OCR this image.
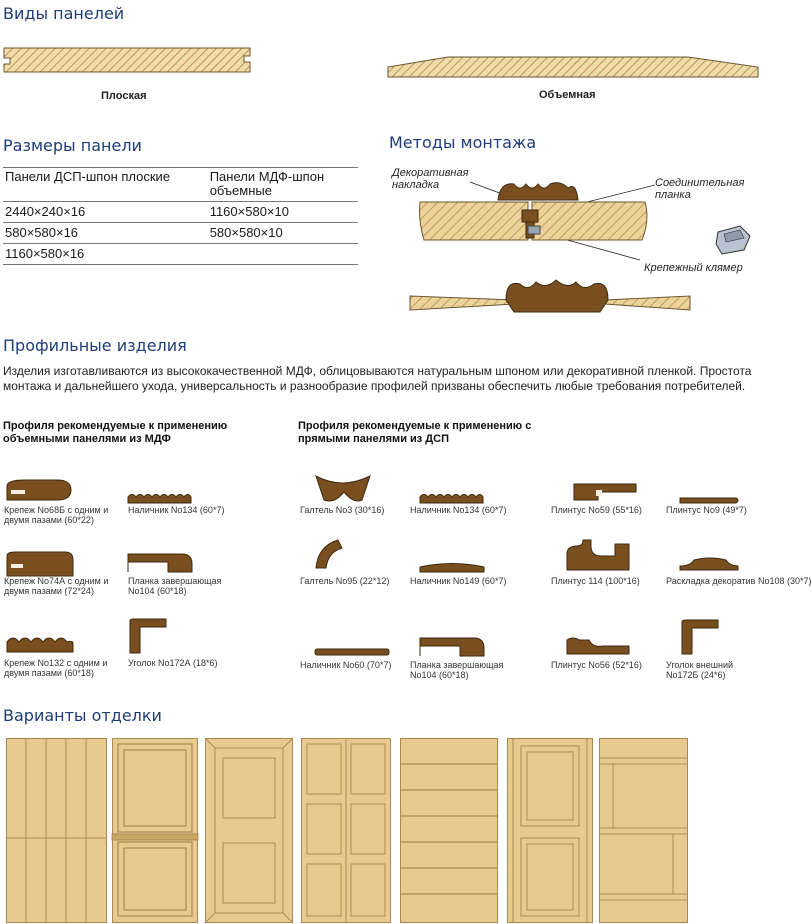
Виды панелей
Плоская	Объемная
Размеры панели
Панели ДСП-шпон плоские	Панели МДФ-шпон объемные
2440×240×16	1160×580×10
580×580×16	580×580×10
1160×580×16
Методы монтажа
Декоративная накладка	Соединительная планка
Крепежный клямер
Профильные изделия
Изделия изготавливаются из высококачественной МДФ, облицовываются натуральным шпоном или декоративной пленкой. Простота монтажа и дальнейшего ухода, универсальность и разнообразие профилей призваны обеспечить любые требования потребителей.
Профиля рекомендуемые к применению объемными панелями из МДФ
Профиля рекомендуемые к применению с прямыми панелями из ДСП
Крепеж No68Б с одним и двумя пазами (60*22)
Наличник No134 (60*7)
Крепеж No74А с одним и двумя пазами (72*24)
Планка завершающая No104 (60*18)
Крепеж No132 с одним и двумя пазами (60*18)
Уголок No172А (18*6)
Галтель No3 (30*16)	Наличник No134 (60*7)	Плинтус No59 (55*16)	Плинтус No9 (49*7)
Галтель No95 (22*12)	Наличник No149 (60*7)	Плинтус 114 (100*16)	Раскладка декоратив No108 (30*7)
Наличник No60 (70*7)	Планка завершающая No104 (60*18)
Плинтус No56 (52*16)	Уголок внешний No172Б (24*6)
Варианты отделки
